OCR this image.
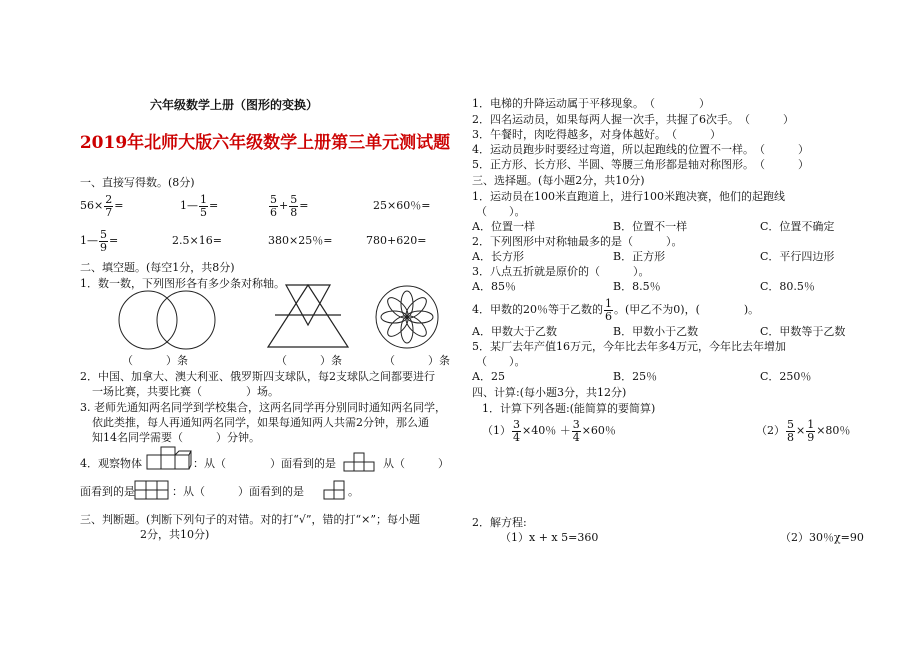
六年级数学上册（图形的变换）
2019年北师大版六年级数学上册第三单元测试题
一、直接写得数。(8分)
$56\times \frac{2}{7}$ =	1— $\frac{1}{5}$ =	$\frac{5}{6} + \frac{5}{8}$ =	25×60％=
1— $\frac{5}{9}$ =	2.5×16=	380×25％=	780+620=
二、填空题。(每空1分，共8分)
1．数一数，下列图形各有多少条对称轴。
（　　　）条	（　　　）条	（　　　）条
2．中国、加拿大、澳大利亚、俄罗斯四支球队，每2支球队之间都要进行
一场比赛，共要比赛（　　　　）场。
3. 老师先通知两名同学到学校集合，这两名同学再分别同时通知两名同学，
依此类推，每人再通知两名同学，如果每通知两人共需2分钟，那么通
知14名同学需要（　　　）分钟。
4．观察物体	：从（　　　　）面看到的是	从（　　　）
面看到的是	：从（　　　）面看到的是	。
三、判断题。(判断下列句子的对错。对的打“√”，错的打“×”；每小题
2分，共10分)
1．电梯的升降运动属于平移现象。　（　　　　）
2．四名运动员，如果每两人握一次手，共握了6次手。　（　　　）
3．午餐时，肉吃得越多，对身体越好。　（　　　）
4．运动员跑步时要经过弯道，所以起跑线的位置不一样。　（　　　）
5．正方形、长方形、半圆、等腰三角形都是轴对称图形。　（　　　）
三、选择题。(每小题2分，共10分)
1．运动员在100米直跑道上，进行100米跑决赛，他们的起跑线
（　　）。
A．位置一样	B．位置不一样	C．位置不确定
2．下列图形中对称轴最多的是（　　　）。
A．长方形	B．正方形	C．平行四边形
3．八点五折就是原价的（　　　）。
A．85％	B．8.5％	C．80.5％
4．甲数的20％等于乙数的 $\frac{1}{6}$ 。(甲乙不为0)，(　　　　)。
A．甲数大于乙数	B．甲数小于乙数	C．甲数等于乙数
5．某厂去年产值16万元，今年比去年多4万元，今年比去年增加
（　　）。
A．25	B．25％	C．250％
四、计算:(每小题3分，共12分)
1．计算下列各题:(能简算的要简算)
$(1) \frac{3}{4} \times 40$％ ＋ $\frac{3}{4} \times 60$％	$(2) \frac{5}{8} \times \frac{1}{9} \times 80$％
2．解方程:
（1）x + x 5=360	（2）30％χ=90
